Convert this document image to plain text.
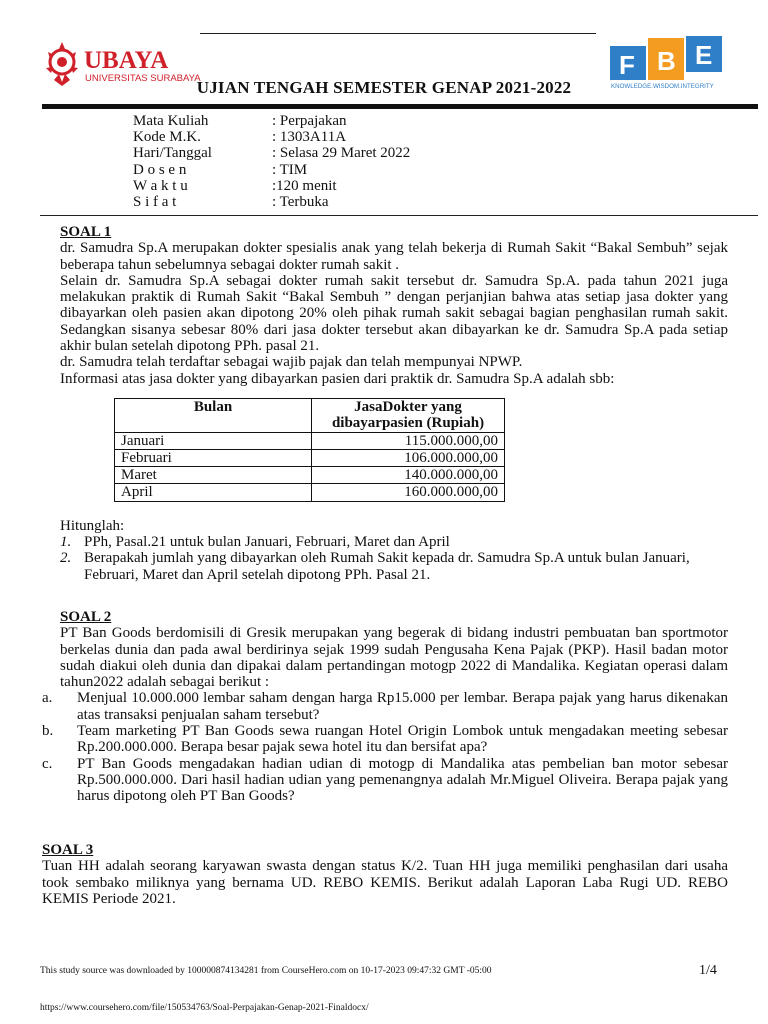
UBAYA
UNIVERSITAS SURABAYA	F B E
KNOWLEDGE.WISDOM.INTEGRITY
UJIAN TENGAH SEMESTER GENAP 2021-2022
Mata Kuliah	: Perpajakan
Kode M.K.	: 1303A11A
Hari/Tanggal	: Selasa 29 Maret 2022
D o s e n	: TIM
W a k t u	:120 menit
S i f a t	: Terbuka
SOAL 1

dr. Samudra Sp.A merupakan dokter spesialis anak yang telah bekerja di Rumah Sakit “Bakal Sembuh” sejak beberapa tahun sebelumnya sebagai dokter rumah sakit .

Selain dr. Samudra Sp.A sebagai dokter rumah sakit tersebut dr. Samudra Sp.A. pada tahun 2021 juga melakukan praktik di Rumah Sakit “Bakal Sembuh ” dengan perjanjian bahwa atas setiap jasa dokter yang dibayarkan oleh pasien akan dipotong 20% oleh pihak rumah sakit sebagai bagian penghasilan rumah sakit. Sedangkan sisanya sebesar 80% dari jasa dokter tersebut akan dibayarkan ke dr. Samudra Sp.A pada setiap akhir bulan setelah dipotong PPh. pasal 21.

dr. Samudra telah terdaftar sebagai wajib pajak dan telah mempunyai NPWP.

Informasi atas jasa dokter yang dibayarkan pasien dari praktik dr. Samudra Sp.A adalah sbb:

Bulan	JasaDokter yang
dibayarpasien (Rupiah)
Januari	115.000.000,00
Februari	106.000.000,00
Maret	140.000.000,00
April	160.000.000,00

Hitunglah:

1. PPh, Pasal.21 untuk bulan Januari, Februari, Maret dan April
2. Berapakah jumlah yang dibayarkan oleh Rumah Sakit kepada dr. Samudra Sp.A untuk bulan Januari, Februari, Maret dan April setelah dipotong PPh. Pasal 21.
SOAL 2

PT Ban Goods berdomisili di Gresik merupakan yang begerak di bidang industri pembuatan ban sportmotor berkelas dunia dan pada awal berdirinya sejak 1999 sudah Pengusaha Kena Pajak (PKP). Hasil badan motor sudah diakui oleh dunia dan dipakai dalam pertandingan motogp 2022 di Mandalika. Kegiatan operasi dalam tahun2022 adalah sebagai berikut :

a. Menjual 10.000.000 lembar saham dengan harga Rp15.000 per lembar. Berapa pajak yang harus dikenakan atas transaksi penjualan saham tersebut?
b. Team marketing PT Ban Goods sewa ruangan Hotel Origin Lombok untuk mengadakan meeting sebesar Rp.200.000.000. Berapa besar pajak sewa hotel itu dan bersifat apa?
c. PT Ban Goods mengadakan hadian udian di motogp di Mandalika atas pembelian ban motor sebesar Rp.500.000.000. Dari hasil hadian udian yang pemenangnya adalah Mr.Miguel Oliveira. Berapa pajak yang harus dipotong oleh PT Ban Goods?
SOAL 3

Tuan HH adalah seorang karyawan swasta dengan status K/2. Tuan HH juga memiliki penghasilan dari usaha took sembako miliknya yang bernama UD. REBO KEMIS. Berikut adalah Laporan Laba Rugi UD. REBO KEMIS Periode 2021.

This study source was downloaded by 100000874134281 from CourseHero.com on 10-17-2023 09:47:32 GMT -05:00	1/4
https://www.coursehero.com/file/150534763/Soal-Perpajakan-Genap-2021-Finaldocx/
